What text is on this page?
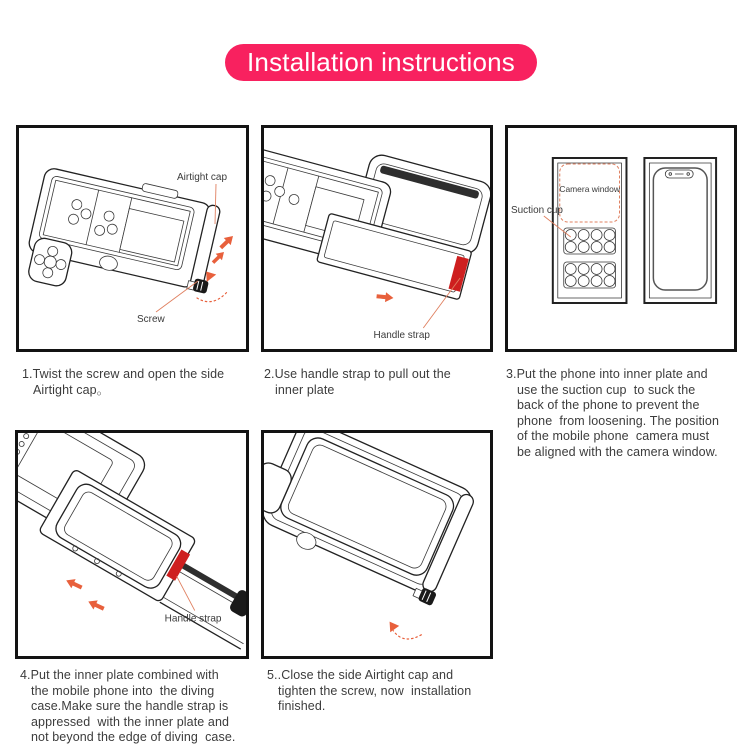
Installation instructions
Airtight cap
Screw
Handle strap
Camera window
Suction cup
Handle strap
1.Twist the screw and open the side
Airtight cap。
2.Use handle strap to pull out the
inner plate
3.Put the phone into inner plate and
use the suction cup  to suck the
back of the phone to prevent the
phone  from loosening. The position
of the mobile phone  camera must
be aligned with the camera window.
4.Put the inner plate combined with
the mobile phone into  the diving
case.Make sure the handle strap is
appressed  with the inner plate and
not beyond the edge of diving  case.
5..Close the side Airtight cap and
tighten the screw, now  installation
finished.
